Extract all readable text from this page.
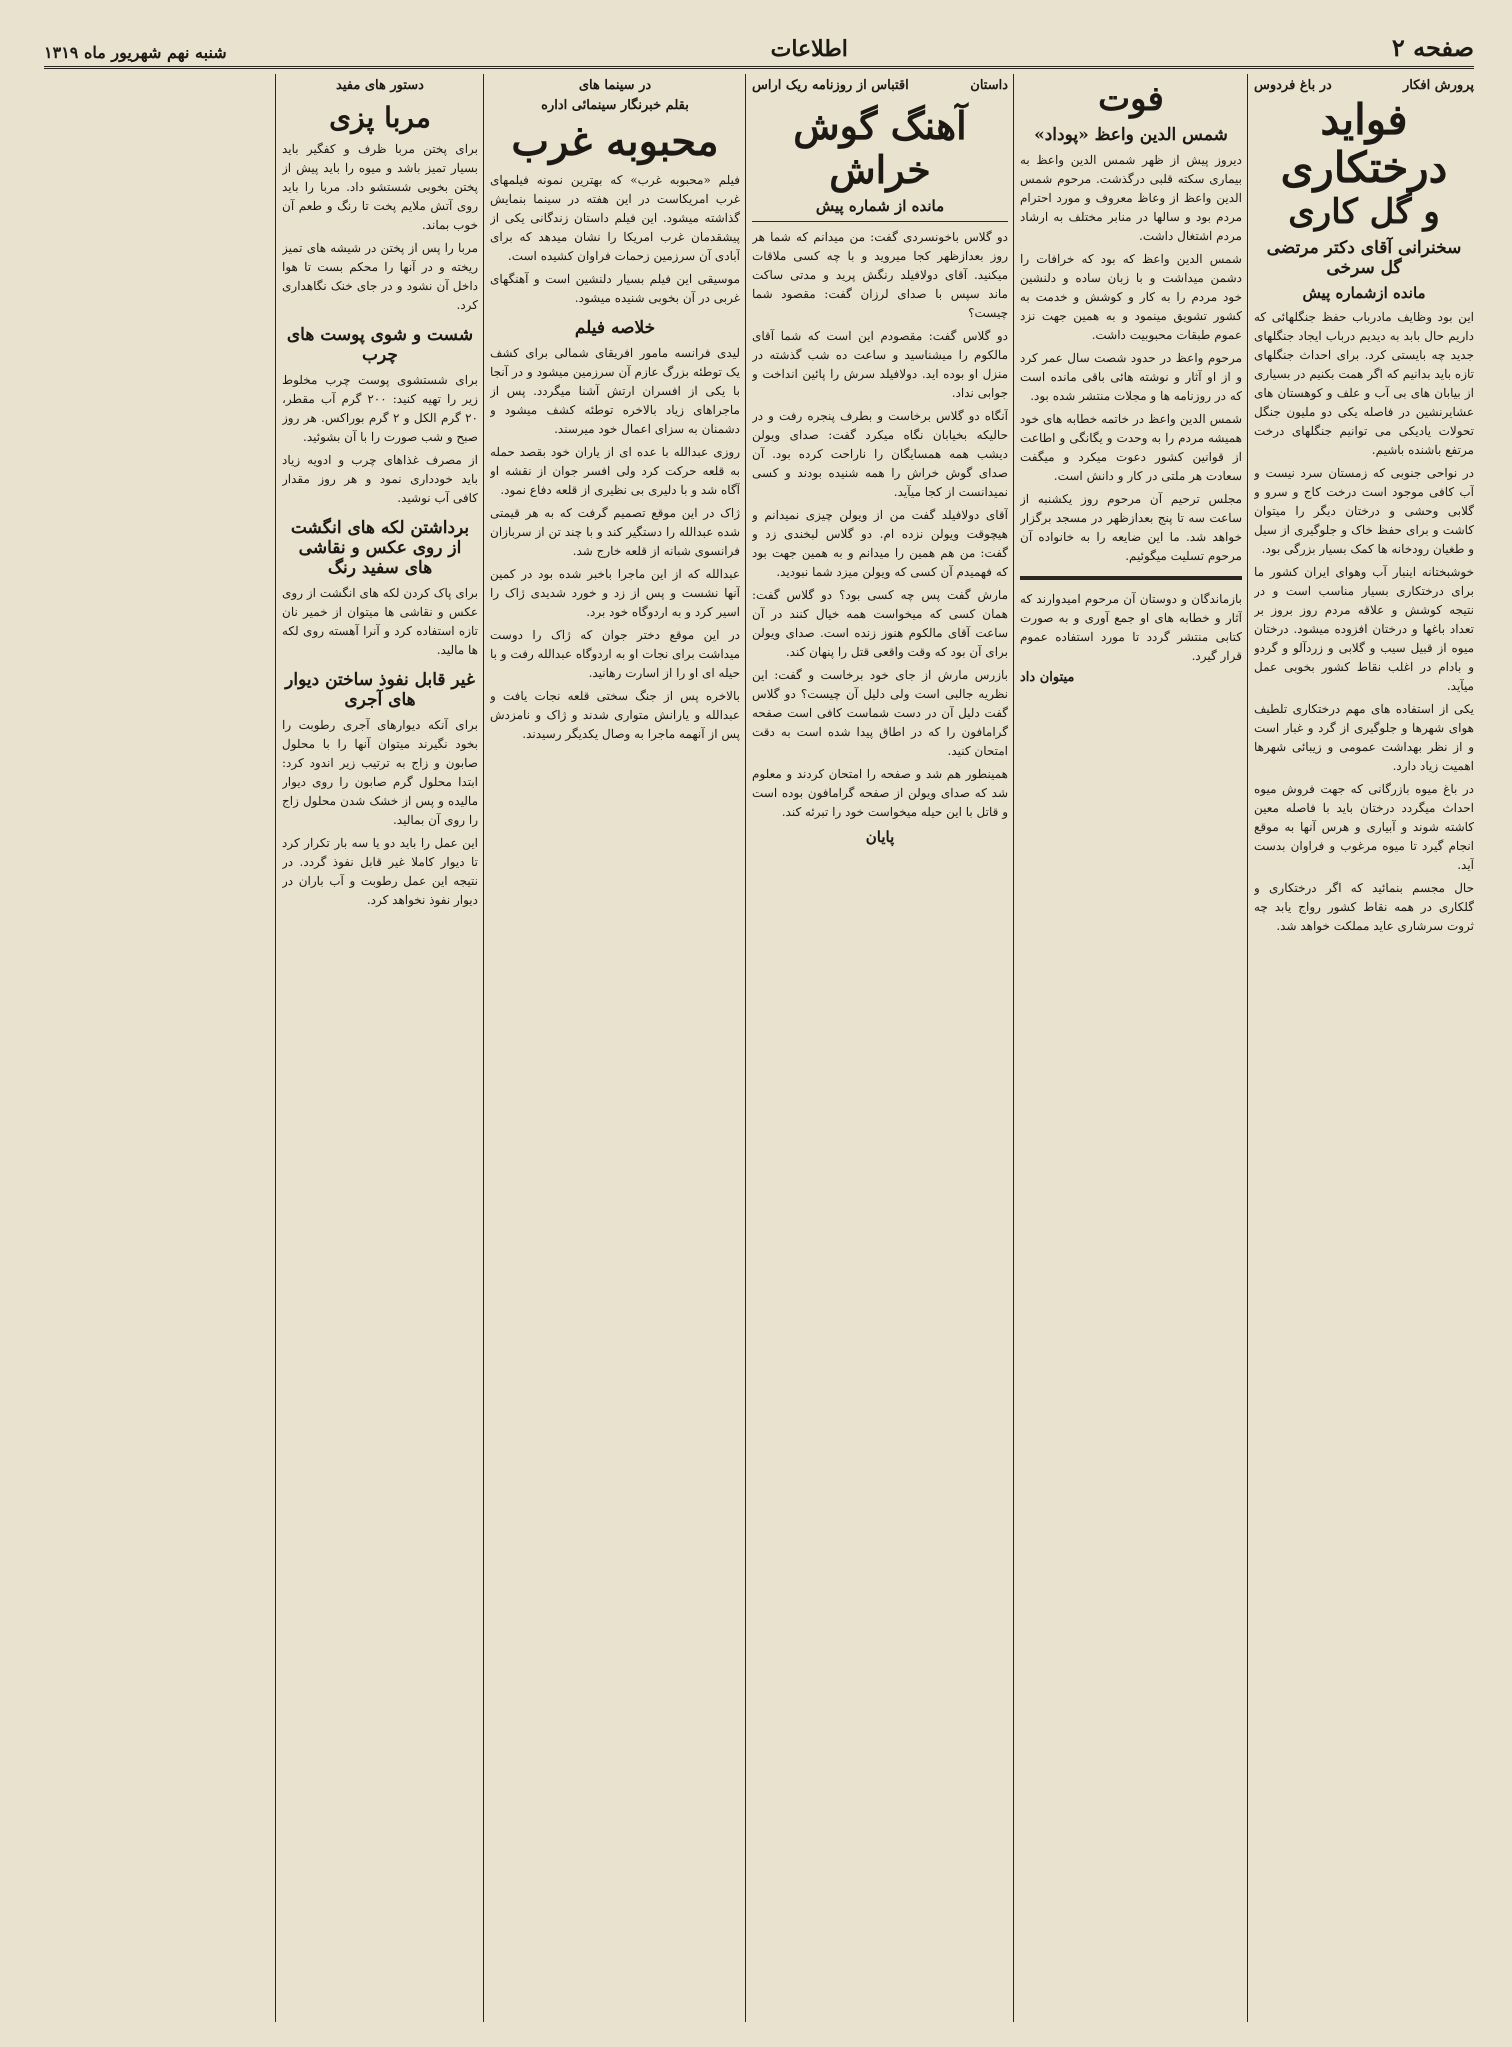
صفحه ۲
اطلاعات
شنبه نهم شهریور ماه ۱۳۱۹
پرورش افکار
در باغ فردوس
فواید درختکاری
و گل کاری
سخنرانی آقای دکتر مرتضی گل سرخی
مانده ازشماره پیش

این بود وظایف مادرباب حفظ جنگلهائی که داریم حال بابد به دیدیم درباب ایجاد جنگلهای جدید چه بایستی کرد. برای احداث جنگلهای تازه باید بدانیم که اگر همت بکنیم در بسیاری از بیابان های بی آب و علف و کوهستان های عشایرنشین در فاصله یکی دو ملیون جنگل تحولات یادیکی می توانیم جنگلهای درخت مرتفع باشنده باشیم.

در نواحی جنوبی که زمستان سرد نیست و آب کافی موجود است درخت کاج و سرو و گلابی وحشی و درختان دیگر را میتوان کاشت و برای حفظ خاک و جلوگیری از سیل و طغیان رودخانه ها کمک بسیار بزرگی بود.

خوشبختانه اینبار آب وهوای ایران کشور ما برای درختکاری بسیار مناسب است و در نتیجه کوشش و علاقه مردم روز بروز بر تعداد باغها و درختان افزوده میشود. درختان میوه از قبیل سیب و گلابی و زردآلو و گردو و بادام در اغلب نقاط کشور بخوبی عمل میآید.

یکی از استفاده های مهم درختکاری تلطیف هوای شهرها و جلوگیری از گرد و غبار است و از نظر بهداشت عمومی و زیبائی شهرها اهمیت زیاد دارد.

در باغ میوه بازرگانی که جهت فروش میوه احداث میگردد درختان باید با فاصله معین کاشته شوند و آبیاری و هرس آنها به موقع انجام گیرد تا میوه مرغوب و فراوان بدست آید.

حال مجسم بنمائید که اگر درختکاری و گلکاری در همه نقاط کشور رواج یابد چه ثروت سرشاری عاید مملکت خواهد شد.

فوت
شمس الدین واعظ «پوداد»

دیروز پیش از ظهر شمس الدین واعظ به بیماری سکته قلبی درگذشت. مرحوم شمس الدین واعظ از وعاظ معروف و مورد احترام مردم بود و سالها در منابر مختلف به ارشاد مردم اشتغال داشت.

شمس الدین واعظ که بود که خرافات را دشمن میداشت و با زبان ساده و دلنشین خود مردم را به کار و کوشش و خدمت به کشور تشویق مینمود و به همین جهت نزد عموم طبقات محبوبیت داشت.

مرحوم واعظ در حدود شصت سال عمر کرد و از او آثار و نوشته هائی باقی مانده است که در روزنامه ها و مجلات منتشر شده بود.

شمس الدین واعظ در خاتمه خطابه های خود همیشه مردم را به وحدت و یگانگی و اطاعت از قوانین کشور دعوت میکرد و میگفت سعادت هر ملتی در کار و دانش است.

مجلس ترحیم آن مرحوم روز یکشنبه از ساعت سه تا پنج بعدازظهر در مسجد برگزار خواهد شد. ما این ضایعه را به خانواده آن مرحوم تسلیت میگوئیم.

بازماندگان و دوستان آن مرحوم امیدوارند که آثار و خطابه های او جمع آوری و به صورت کتابی منتشر گردد تا مورد استفاده عموم قرار گیرد.

میتوان داد
داستان
اقتباس از روزنامه ریک اراس
آهنگ گوش خراش
مانده از شماره پیش

دو گلاس باخونسردی گفت: من میدانم که شما هر روز بعدازظهر کجا میروید و با چه کسی ملاقات میکنید. آقای دولافیلد رنگش پرید و مدتی ساکت ماند سپس با صدای لرزان گفت: مقصود شما چیست؟

دو گلاس گفت: مقصودم این است که شما آقای مالکوم را میشناسید و ساعت ده شب گذشته در منزل او بوده اید. دولافیلد سرش را پائین انداخت و جوابی نداد.

آنگاه دو گلاس برخاست و بطرف پنجره رفت و در حالیکه بخیابان نگاه میکرد گفت: صدای ویولن دیشب همه همسایگان را ناراحت کرده بود. آن صدای گوش خراش را همه شنیده بودند و کسی نمیدانست از کجا میآید.

آقای دولافیلد گفت من از ویولن چیزی نمیدانم و هیچوقت ویولن نزده ام. دو گلاس لبخندی زد و گفت: من هم همین را میدانم و به همین جهت بود که فهمیدم آن کسی که ویولن میزد شما نبودید.

مارش گفت پس چه کسی بود؟ دو گلاس گفت: همان کسی که میخواست همه خیال کنند در آن ساعت آقای مالکوم هنوز زنده است. صدای ویولن برای آن بود که وقت واقعی قتل را پنهان کند.

بازرس مارش از جای خود برخاست و گفت: این نظریه جالبی است ولی دلیل آن چیست؟ دو گلاس گفت دلیل آن در دست شماست کافی است صفحه گرامافون را که در اطاق پیدا شده است به دقت امتحان کنید.

همینطور هم شد و صفحه را امتحان کردند و معلوم شد که صدای ویولن از صفحه گرامافون بوده است و قاتل با این حیله میخواست خود را تبرئه کند.

پایان
در سینما های
بقلم خبرنگار سینمائی اداره
محبوبه غرب

فیلم «محبوبه غرب» که بهترین نمونه فیلمهای غرب امریکاست در این هفته در سینما بنمایش گذاشته میشود. این فیلم داستان زندگانی یکی از پیشقدمان غرب امریکا را نشان میدهد که برای آبادی آن سرزمین زحمات فراوان کشیده است.

موسیقی این فیلم بسیار دلنشین است و آهنگهای غربی در آن بخوبی شنیده میشود.

خلاصه فیلم

لیدی فرانسه مامور افریقای شمالی برای کشف یک توطئه بزرگ عازم آن سرزمین میشود و در آنجا با یکی از افسران ارتش آشنا میگردد. پس از ماجراهای زیاد بالاخره توطئه کشف میشود و دشمنان به سزای اعمال خود میرسند.

روزی عبدالله با عده ای از یاران خود بقصد حمله به قلعه حرکت کرد ولی افسر جوان از نقشه او آگاه شد و با دلیری بی نظیری از قلعه دفاع نمود.

ژاک در این موقع تصمیم گرفت که به هر قیمتی شده عبدالله را دستگیر کند و با چند تن از سربازان فرانسوی شبانه از قلعه خارج شد.

عبدالله که از این ماجرا باخبر شده بود در کمین آنها نشست و پس از زد و خورد شدیدی ژاک را اسیر کرد و به اردوگاه خود برد.

در این موقع دختر جوان که ژاک را دوست میداشت برای نجات او به اردوگاه عبدالله رفت و با حیله ای او را از اسارت رهانید.

بالاخره پس از جنگ سختی قلعه نجات یافت و عبدالله و یارانش متواری شدند و ژاک و نامزدش پس از آنهمه ماجرا به وصال یکدیگر رسیدند.

دستور های مفید
مربا پزی

برای پختن مربا ظرف و کفگیر باید بسیار تمیز باشد و میوه را باید پیش از پختن بخوبی شستشو داد. مربا را باید روی آتش ملایم پخت تا رنگ و طعم آن خوب بماند.

مربا را پس از پختن در شیشه های تمیز ریخته و در آنها را محکم بست تا هوا داخل آن نشود و در جای خنک نگاهداری کرد.

شست و شوی پوست های چرب

برای شستشوی پوست چرب مخلوط زیر را تهیه کنید: ۲۰۰ گرم آب مقطر، ۲۰ گرم الکل و ۲ گرم بوراکس. هر روز صبح و شب صورت را با آن بشوئید.

از مصرف غذاهای چرب و ادویه زیاد باید خودداری نمود و هر روز مقدار کافی آب نوشید.

برداشتن لکه های انگشت از روی عکس و نقاشی های سفید رنگ

برای پاک کردن لکه های انگشت از روی عکس و نقاشی ها میتوان از خمیر نان تازه استفاده کرد و آنرا آهسته روی لکه ها مالید.

غیر قابل نفوذ ساختن دیوار های آجری

برای آنکه دیوارهای آجری رطوبت را بخود نگیرند میتوان آنها را با محلول صابون و زاج به ترتیب زیر اندود کرد: ابتدا محلول گرم صابون را روی دیوار مالیده و پس از خشک شدن محلول زاج را روی آن بمالید.

این عمل را باید دو یا سه بار تکرار کرد تا دیوار کاملا غیر قابل نفوذ گردد. در نتیجه این عمل رطوبت و آب باران در دیوار نفوذ نخواهد کرد.
